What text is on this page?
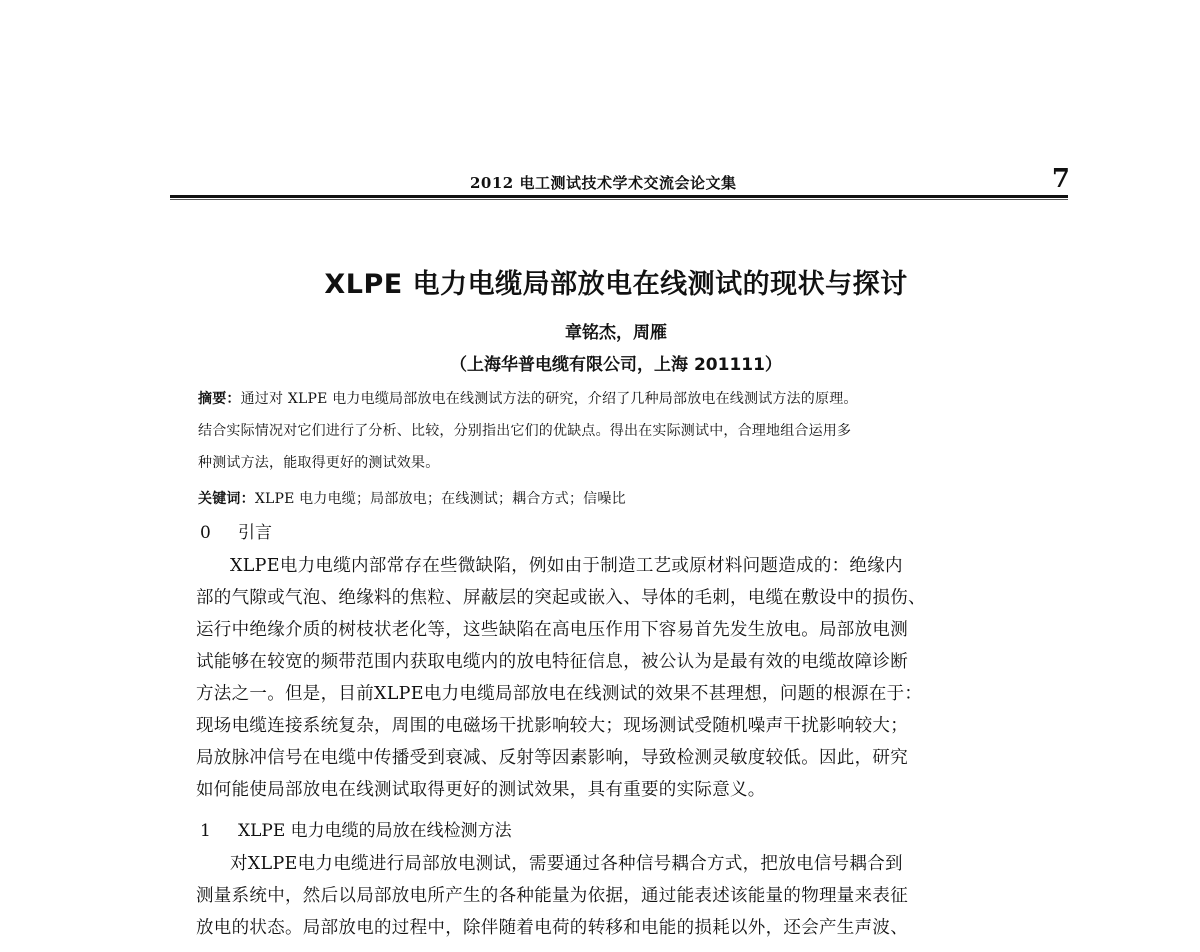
2012 电工测试技术学术交流会论文集	7
XLPE 电力电缆局部放电在线测试的现状与探讨
章铭杰，周雁
（上海华普电缆有限公司，上海 201111）
摘要：通过对 XLPE 电力电缆局部放电在线测试方法的研究，介绍了几种局部放电在线测试方法的原理。
结合实际情况对它们进行了分析、比较，分别指出它们的优缺点。得出在实际测试中，合理地组合运用多
种测试方法，能取得更好的测试效果。
关键词：XLPE 电力电缆；局部放电；在线测试；耦合方式；信噪比
0 引言
XLPE电力电缆内部常存在些微缺陷，例如由于制造工艺或原材料问题造成的：绝缘内
部的气隙或气泡、绝缘料的焦粒、屏蔽层的突起或嵌入、导体的毛刺，电缆在敷设中的损伤、
运行中绝缘介质的树枝状老化等，这些缺陷在高电压作用下容易首先发生放电。局部放电测
试能够在较宽的频带范围内获取电缆内的放电特征信息，被公认为是最有效的电缆故障诊断
方法之一。但是，目前XLPE电力电缆局部放电在线测试的效果不甚理想，问题的根源在于：
现场电缆连接系统复杂，周围的电磁场干扰影响较大；现场测试受随机噪声干扰影响较大；
局放脉冲信号在电缆中传播受到衰减、反射等因素影响，导致检测灵敏度较低。因此，研究
如何能使局部放电在线测试取得更好的测试效果，具有重要的实际意义。
1 XLPE 电力电缆的局放在线检测方法
对XLPE电力电缆进行局部放电测试，需要通过各种信号耦合方式，把放电信号耦合到
测量系统中，然后以局部放电所产生的各种能量为依据，通过能表述该能量的物理量来表征
放电的状态。局部放电的过程中，除伴随着电荷的转移和电能的损耗以外，还会产生声波、
